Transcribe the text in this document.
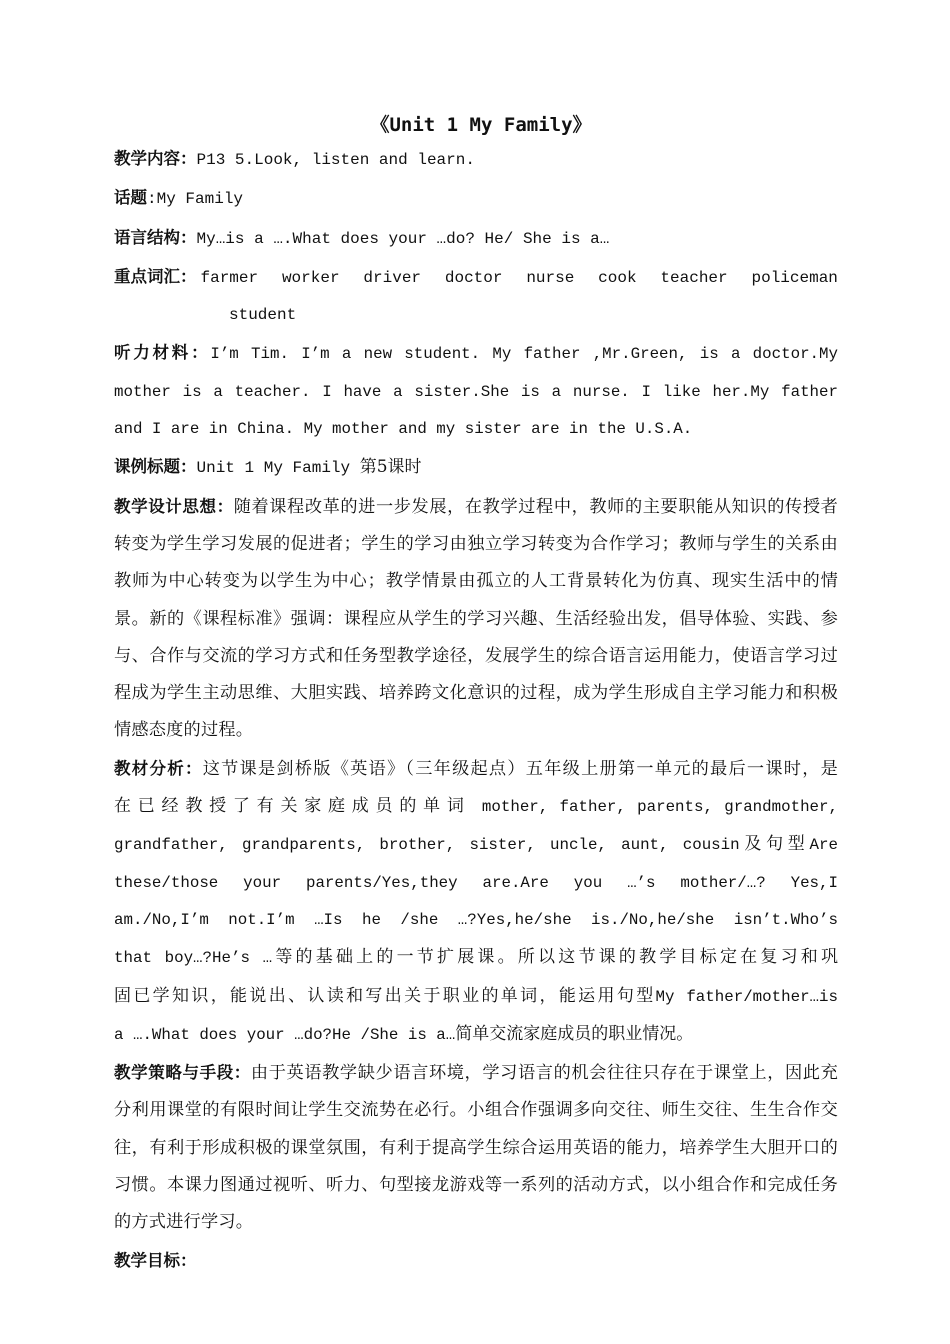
《Unit 1 My Family》

教学内容：P13 5.Look, listen and learn.

话题:My Family

语言结构：My…is a ….What does your …do? He/ She is a…

重点词汇： farmer worker driver doctor nurse cook teacher policeman

student

听力材料：I’m Tim. I’m a new student. My father ,Mr.Green, is a doctor.My

mother is a teacher. I have a sister.She is a nurse. I like her.My father

and I are in China. My mother and my sister are in the U.S.A.

课例标题：Unit 1 My Family 第5课时

教学设计思想：随着课程改革的进一步发展，在教学过程中，教师的主要职能从知识的传授者转变为学生学习发展的促进者；学生的学习由独立学习转变为合作学习；教师与学生的关系由教师为中心转变为以学生为中心；教学情景由孤立的人工背景转化为仿真、现实生活中的情景。新的《课程标准》强调：课程应从学生的学习兴趣、生活经验出发，倡导体验、实践、参与、合作与交流的学习方式和任务型教学途径，发展学生的综合语言运用能力，使语言学习过程成为学生主动思维、大胆实践、培养跨文化意识的过程，成为学生形成自主学习能力和积极情感态度的过程。

教材分析：这节课是剑桥版《英语》（三年级起点）五年级上册第一单元的最后一课时，是

在已经教授了有关家庭成员的单词 mother, father, parents, grandmother,

grandfather, grandparents, brother, sister, uncle, aunt, cousin及句型Are

these/those your parents/Yes,they are.Are you …’s mother/…? Yes,I

am./No,I’m not.I’m …Is he /she …?Yes,he/she is./No,he/she isn’t.Who’s

that boy…?He’s …等的基础上的一节扩展课。所以这节课的教学目标定在复习和巩

固已学知识，能说出、认读和写出关于职业的单词，能运用句型My father/mother…is

a ….What does your …do?He /She is a…简单交流家庭成员的职业情况。

教学策略与手段：由于英语教学缺少语言环境，学习语言的机会往往只存在于课堂上，因此充分利用课堂的有限时间让学生交流势在必行。小组合作强调多向交往、师生交往、生生合作交往，有利于形成积极的课堂氛围，有利于提高学生综合运用英语的能力，培养学生大胆开口的习惯。本课力图通过视听、听力、句型接龙游戏等一系列的活动方式，以小组合作和完成任务的方式进行学习。

教学目标：
